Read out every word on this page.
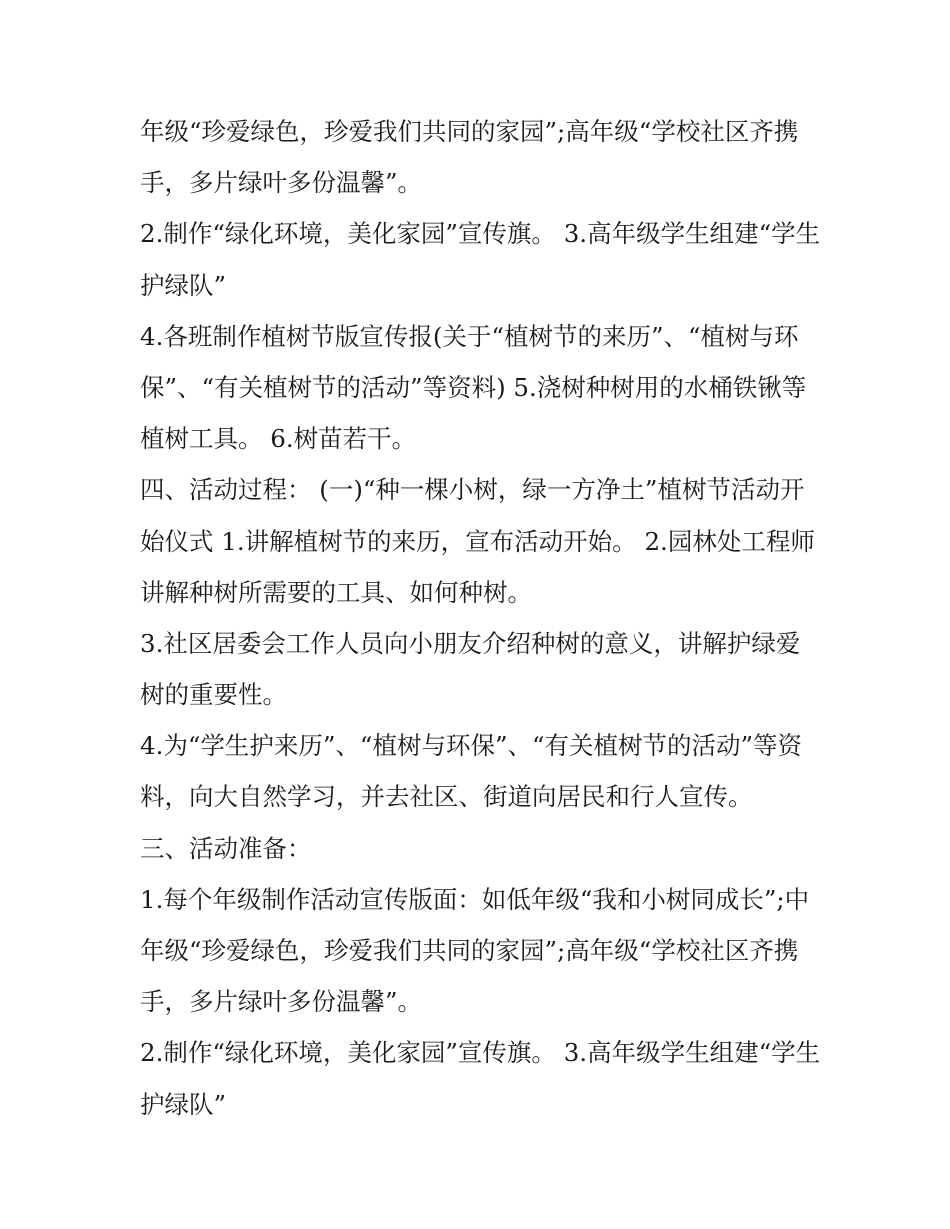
年级“珍爱绿色，珍爱我们共同的家园”;高年级“学校社区齐携
手，多片绿叶多份温馨”。
2.制作“绿化环境，美化家园”宣传旗。 3.高年级学生组建“学生
护绿队”
4.各班制作植树节版宣传报(关于“植树节的来历”、“植树与环
保”、“有关植树节的活动”等资料) 5.浇树种树用的水桶铁锹等
植树工具。 6.树苗若干。
四、活动过程： (一)“种一棵小树，绿一方净土”植树节活动开
始仪式 1.讲解植树节的来历，宣布活动开始。 2.园林处工程师
讲解种树所需要的工具、如何种树。
3.社区居委会工作人员向小朋友介绍种树的意义，讲解护绿爱
树的重要性。
4.为“学生护来历”、“植树与环保”、“有关植树节的活动”等资
料，向大自然学习，并去社区、街道向居民和行人宣传。
三、活动准备：
1.每个年级制作活动宣传版面：如低年级“我和小树同成长”;中
年级“珍爱绿色，珍爱我们共同的家园”;高年级“学校社区齐携
手，多片绿叶多份温馨”。
2.制作“绿化环境，美化家园”宣传旗。 3.高年级学生组建“学生
护绿队”
